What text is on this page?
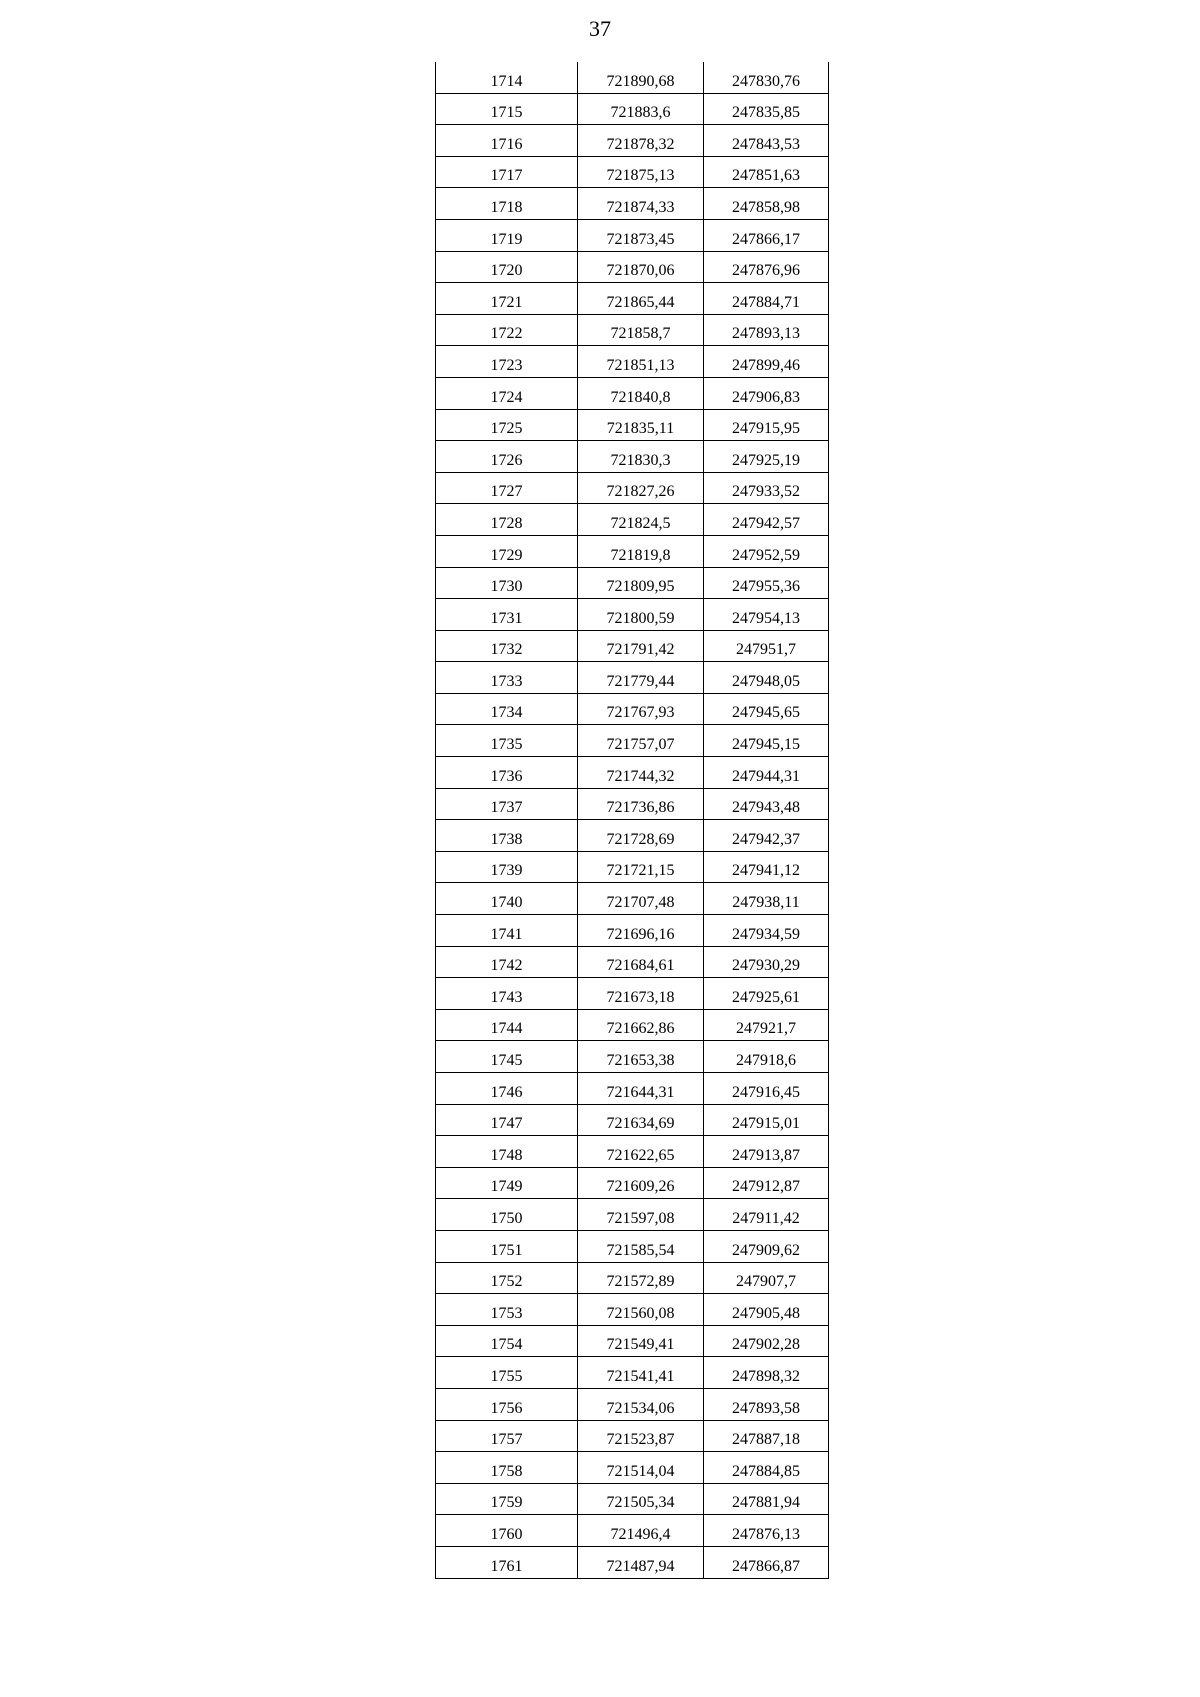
37
1714	721890,68	247830,76
1715	721883,6	247835,85
1716	721878,32	247843,53
1717	721875,13	247851,63
1718	721874,33	247858,98
1719	721873,45	247866,17
1720	721870,06	247876,96
1721	721865,44	247884,71
1722	721858,7	247893,13
1723	721851,13	247899,46
1724	721840,8	247906,83
1725	721835,11	247915,95
1726	721830,3	247925,19
1727	721827,26	247933,52
1728	721824,5	247942,57
1729	721819,8	247952,59
1730	721809,95	247955,36
1731	721800,59	247954,13
1732	721791,42	247951,7
1733	721779,44	247948,05
1734	721767,93	247945,65
1735	721757,07	247945,15
1736	721744,32	247944,31
1737	721736,86	247943,48
1738	721728,69	247942,37
1739	721721,15	247941,12
1740	721707,48	247938,11
1741	721696,16	247934,59
1742	721684,61	247930,29
1743	721673,18	247925,61
1744	721662,86	247921,7
1745	721653,38	247918,6
1746	721644,31	247916,45
1747	721634,69	247915,01
1748	721622,65	247913,87
1749	721609,26	247912,87
1750	721597,08	247911,42
1751	721585,54	247909,62
1752	721572,89	247907,7
1753	721560,08	247905,48
1754	721549,41	247902,28
1755	721541,41	247898,32
1756	721534,06	247893,58
1757	721523,87	247887,18
1758	721514,04	247884,85
1759	721505,34	247881,94
1760	721496,4	247876,13
1761	721487,94	247866,87
